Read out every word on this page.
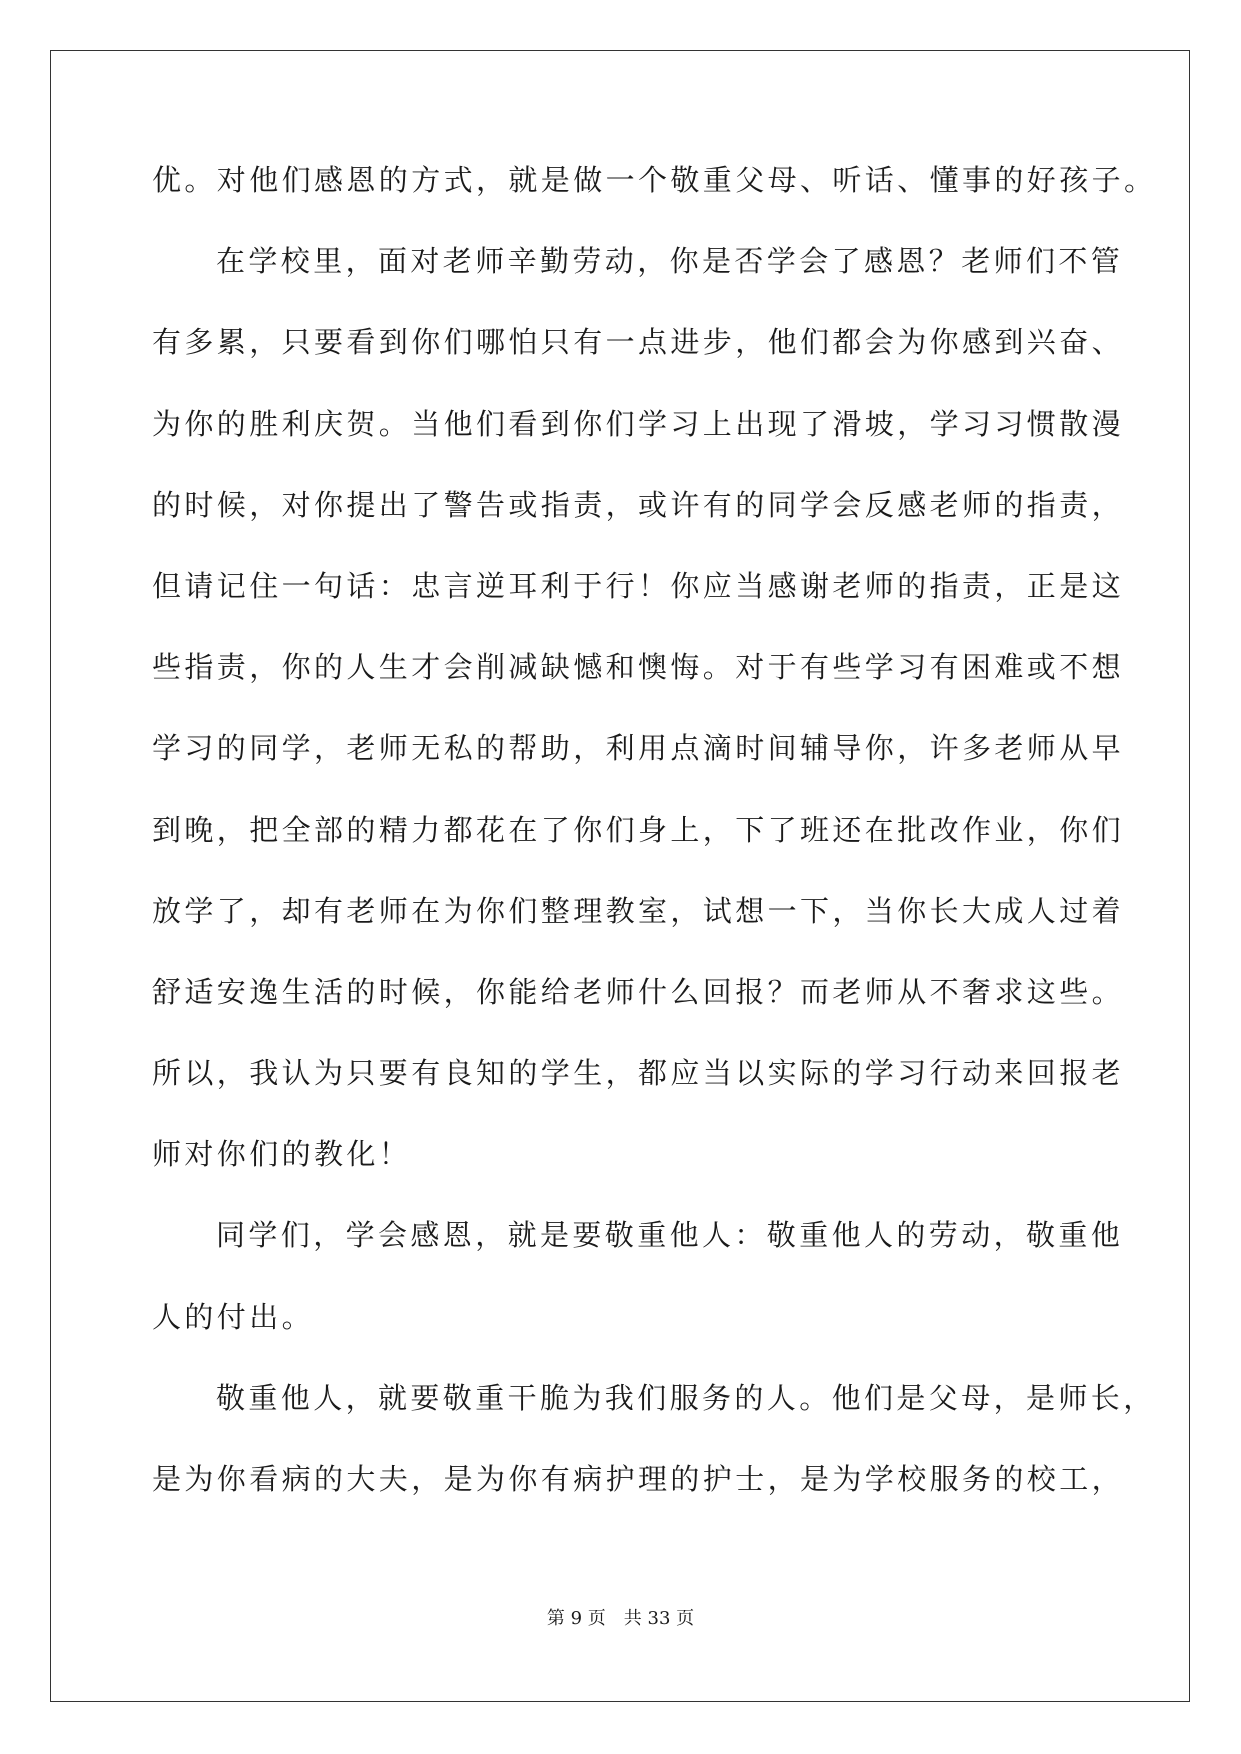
优。对他们感恩的方式，就是做一个敬重父母、听话、懂事的好孩子。
在学校里，面对老师辛勤劳动，你是否学会了感恩？老师们不管
有多累，只要看到你们哪怕只有一点进步，他们都会为你感到兴奋、
为你的胜利庆贺。当他们看到你们学习上出现了滑坡，学习习惯散漫
的时候，对你提出了警告或指责，或许有的同学会反感老师的指责，
但请记住一句话：忠言逆耳利于行！你应当感谢老师的指责，正是这
些指责，你的人生才会削减缺憾和懊悔。对于有些学习有困难或不想
学习的同学，老师无私的帮助，利用点滴时间辅导你，许多老师从早
到晚，把全部的精力都花在了你们身上，下了班还在批改作业，你们
放学了，却有老师在为你们整理教室，试想一下，当你长大成人过着
舒适安逸生活的时候，你能给老师什么回报？而老师从不奢求这些。
所以，我认为只要有良知的学生，都应当以实际的学习行动来回报老
师对你们的教化！
同学们，学会感恩，就是要敬重他人：敬重他人的劳动，敬重他
人的付出。
敬重他人，就要敬重干脆为我们服务的人。他们是父母，是师长，
是为你看病的大夫，是为你有病护理的护士，是为学校服务的校工，
第 9 页　共 33 页
